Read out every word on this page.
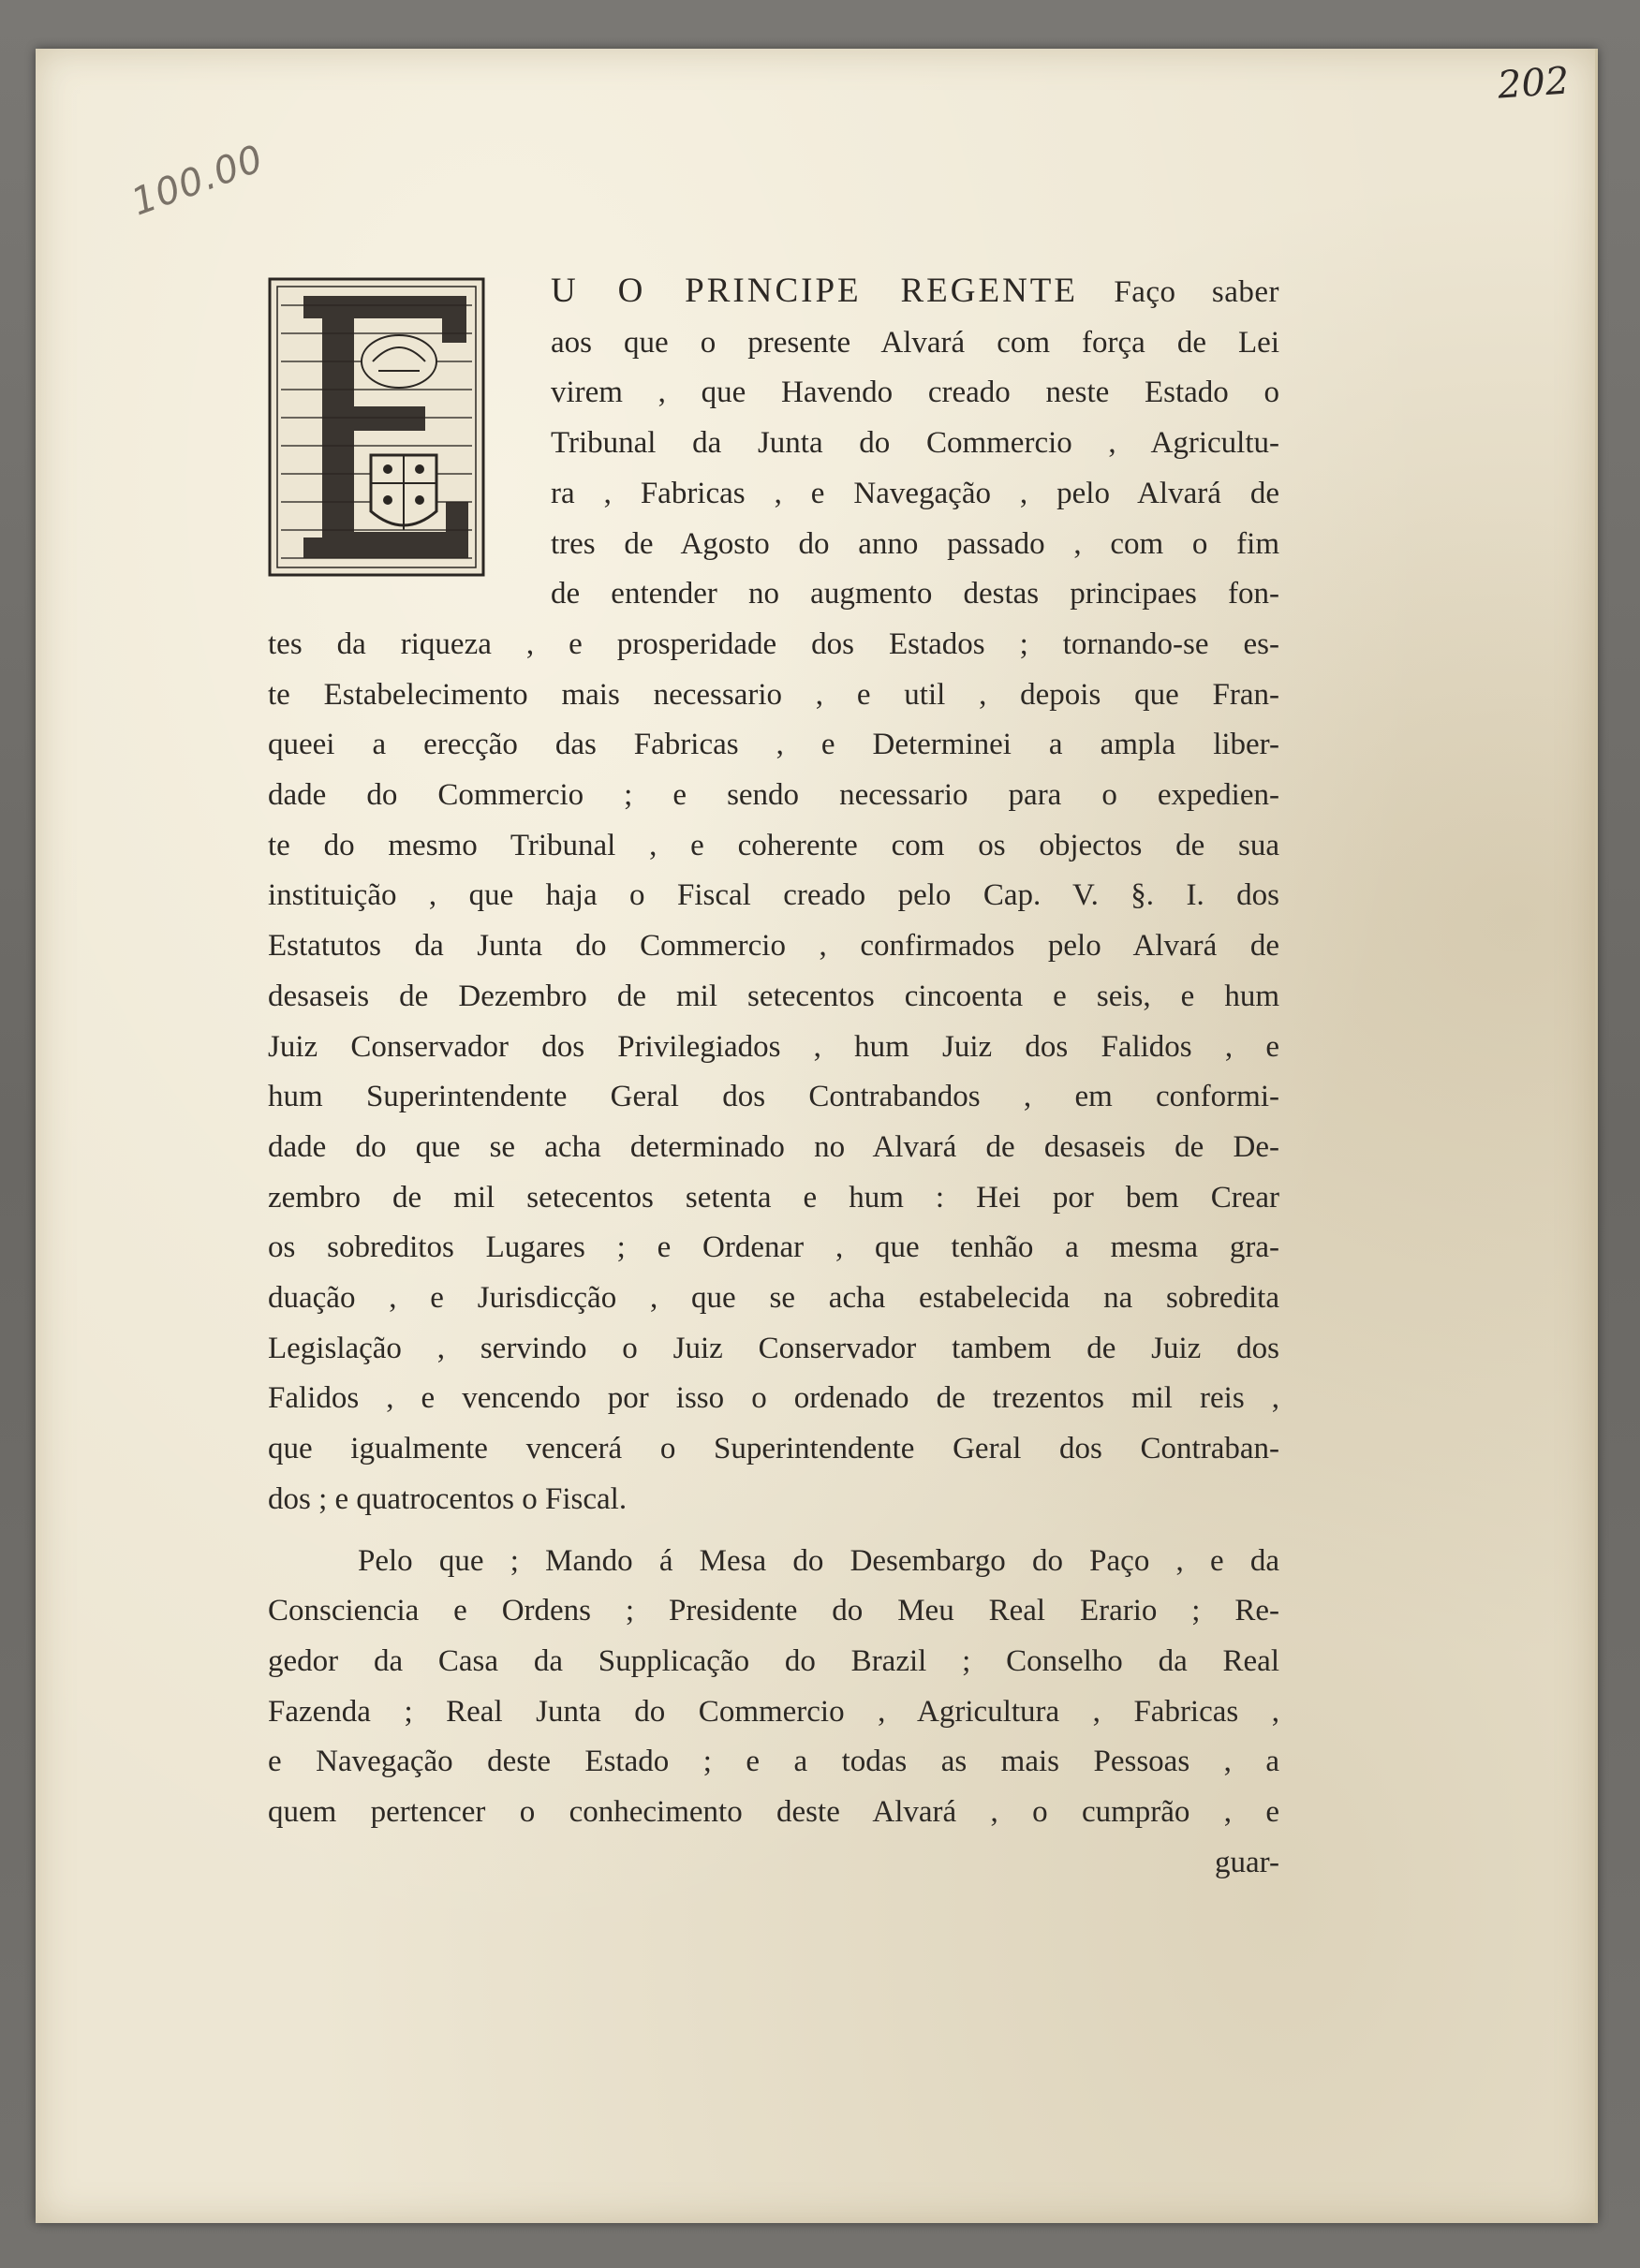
202
100.00
U O PRINCIPE REGENTE Faço saber
aos que o presente Alvará com força de Lei
virem , que Havendo creado neste Estado o
Tribunal da Junta do Commercio , Agricultu-
ra , Fabricas , e Navegação , pelo Alvará de
tres de Agosto do anno passado , com o fim
de entender no augmento destas principaes fon-
tes da riqueza , e prosperidade dos Estados ; tornando-se es-
te Estabelecimento mais necessario , e util , depois que Fran-
queei a erecção das Fabricas , e Determinei a ampla liber-
dade do Commercio ; e sendo necessario para o expedien-
te do mesmo Tribunal , e coherente com os objectos de sua
instituição , que haja o Fiscal creado pelo Cap. V. §. I. dos
Estatutos da Junta do Commercio , confirmados pelo Alvará de
desaseis de Dezembro de mil setecentos cincoenta e seis, e hum
Juiz Conservador dos Privilegiados , hum Juiz dos Falidos , e
hum Superintendente Geral dos Contrabandos , em conformi-
dade do que se acha determinado no Alvará de desaseis de De-
zembro de mil setecentos setenta e hum : Hei por bem Crear
os sobreditos Lugares ; e Ordenar , que tenhão a mesma gra-
duação , e Jurisdicção , que se acha estabelecida na sobredita
Legislação , servindo o Juiz Conservador tambem de Juiz dos
Falidos , e vencendo por isso o ordenado de trezentos mil reis ,
que igualmente vencerá o Superintendente Geral dos Contraban-
dos ; e quatrocentos o Fiscal.
Pelo que ; Mando á Mesa do Desembargo do Paço , e da
Consciencia e Ordens ; Presidente do Meu Real Erario ; Re-
gedor da Casa da Supplicação do Brazil ; Conselho da Real
Fazenda ; Real Junta do Commercio , Agricultura , Fabricas ,
e Navegação deste Estado ; e a todas as mais Pessoas , a
quem pertencer o conhecimento deste Alvará , o cumprão , e
guar-
